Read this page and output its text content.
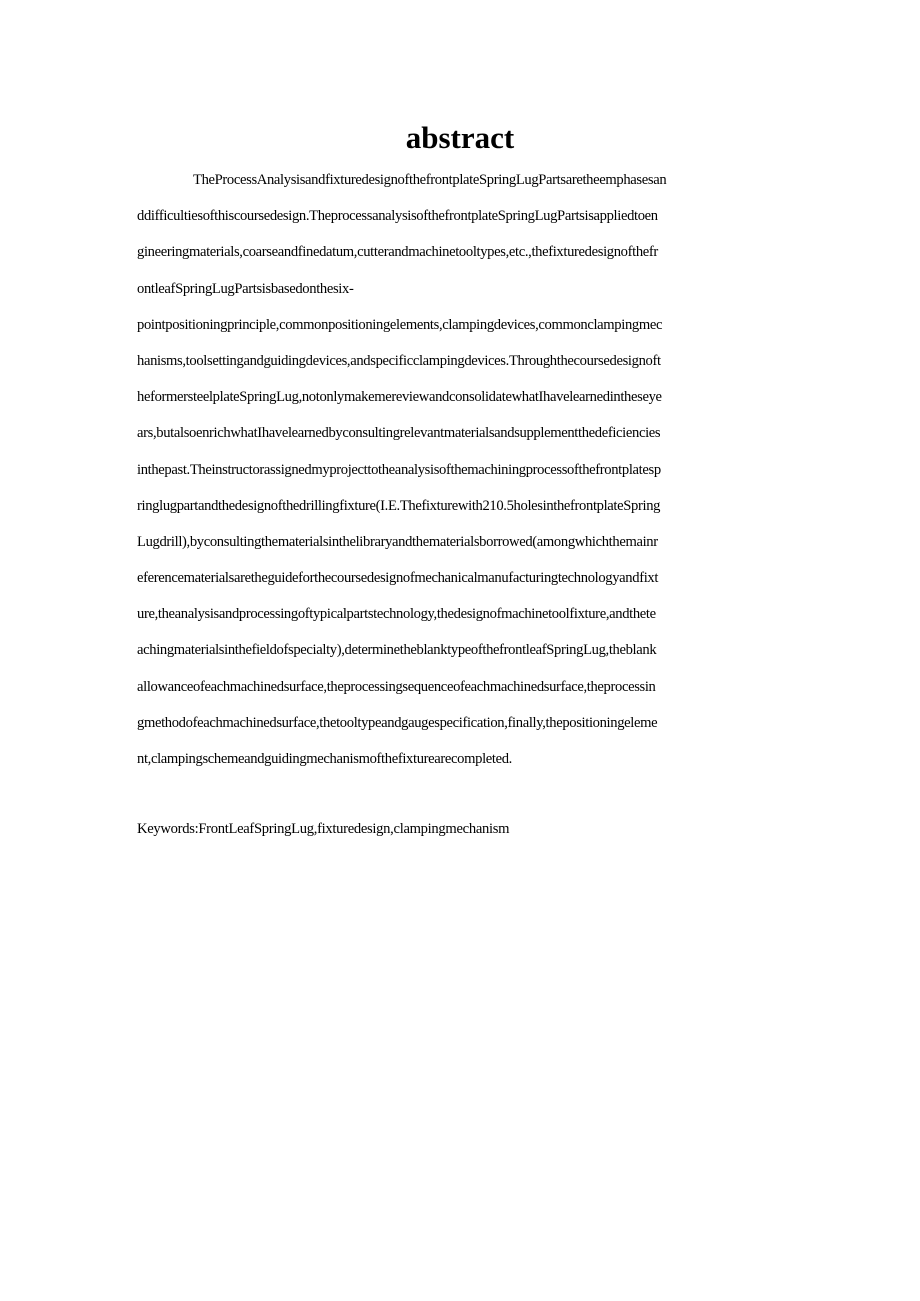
abstract
TheProcessAnalysisandfixturedesignofthefrontplateSpringLugPartsaretheemphasesan
ddifficultiesofthiscoursedesign.TheprocessanalysisofthefrontplateSpringLugPartsisappliedtoen
gineeringmaterials,coarseandfinedatum,cutterandmachinetooltypes,etc.,thefixturedesignofthefr
ontleafSpringLugPartsisbasedonthesix-
pointpositioningprinciple,commonpositioningelements,clampingdevices,commonclampingmec
hanisms,toolsettingandguidingdevices,andspecificclampingdevices.Throughthecoursedesignoft
heformersteelplateSpringLug,notonlymakemereviewandconsolidatewhatIhavelearnedintheseye
ars,butalsoenrichwhatIhavelearnedbyconsultingrelevantmaterialsandsupplementthedeficiencies
inthepast.Theinstructorassignedmyprojecttotheanalysisofthemachiningprocessofthefrontplatesp
ringlugpartandthedesignofthedrillingfixture(I.E.Thefixturewith210.5holesinthefrontplateSpring
Lugdrill),byconsultingthematerialsinthelibraryandthematerialsborrowed(amongwhichthemainr
eferencematerialsaretheguideforthecoursedesignofmechanicalmanufacturingtechnologyandfixt
ure,theanalysisandprocessingoftypicalpartstechnology,thedesignofmachinetoolfixture,andthete
achingmaterialsinthefieldofspecialty),determinetheblanktypeofthefrontleafSpringLug,theblank
allowanceofeachmachinedsurface,theprocessingsequenceofeachmachinedsurface,theprocessin
gmethodofeachmachinedsurface,thetooltypeandgaugespecification,finally,thepositioningeleme
nt,clampingschemeandguidingmechanismofthefixturearecompleted.

Keywords:FrontLeafSpringLug,fixturedesign,clampingmechanism
